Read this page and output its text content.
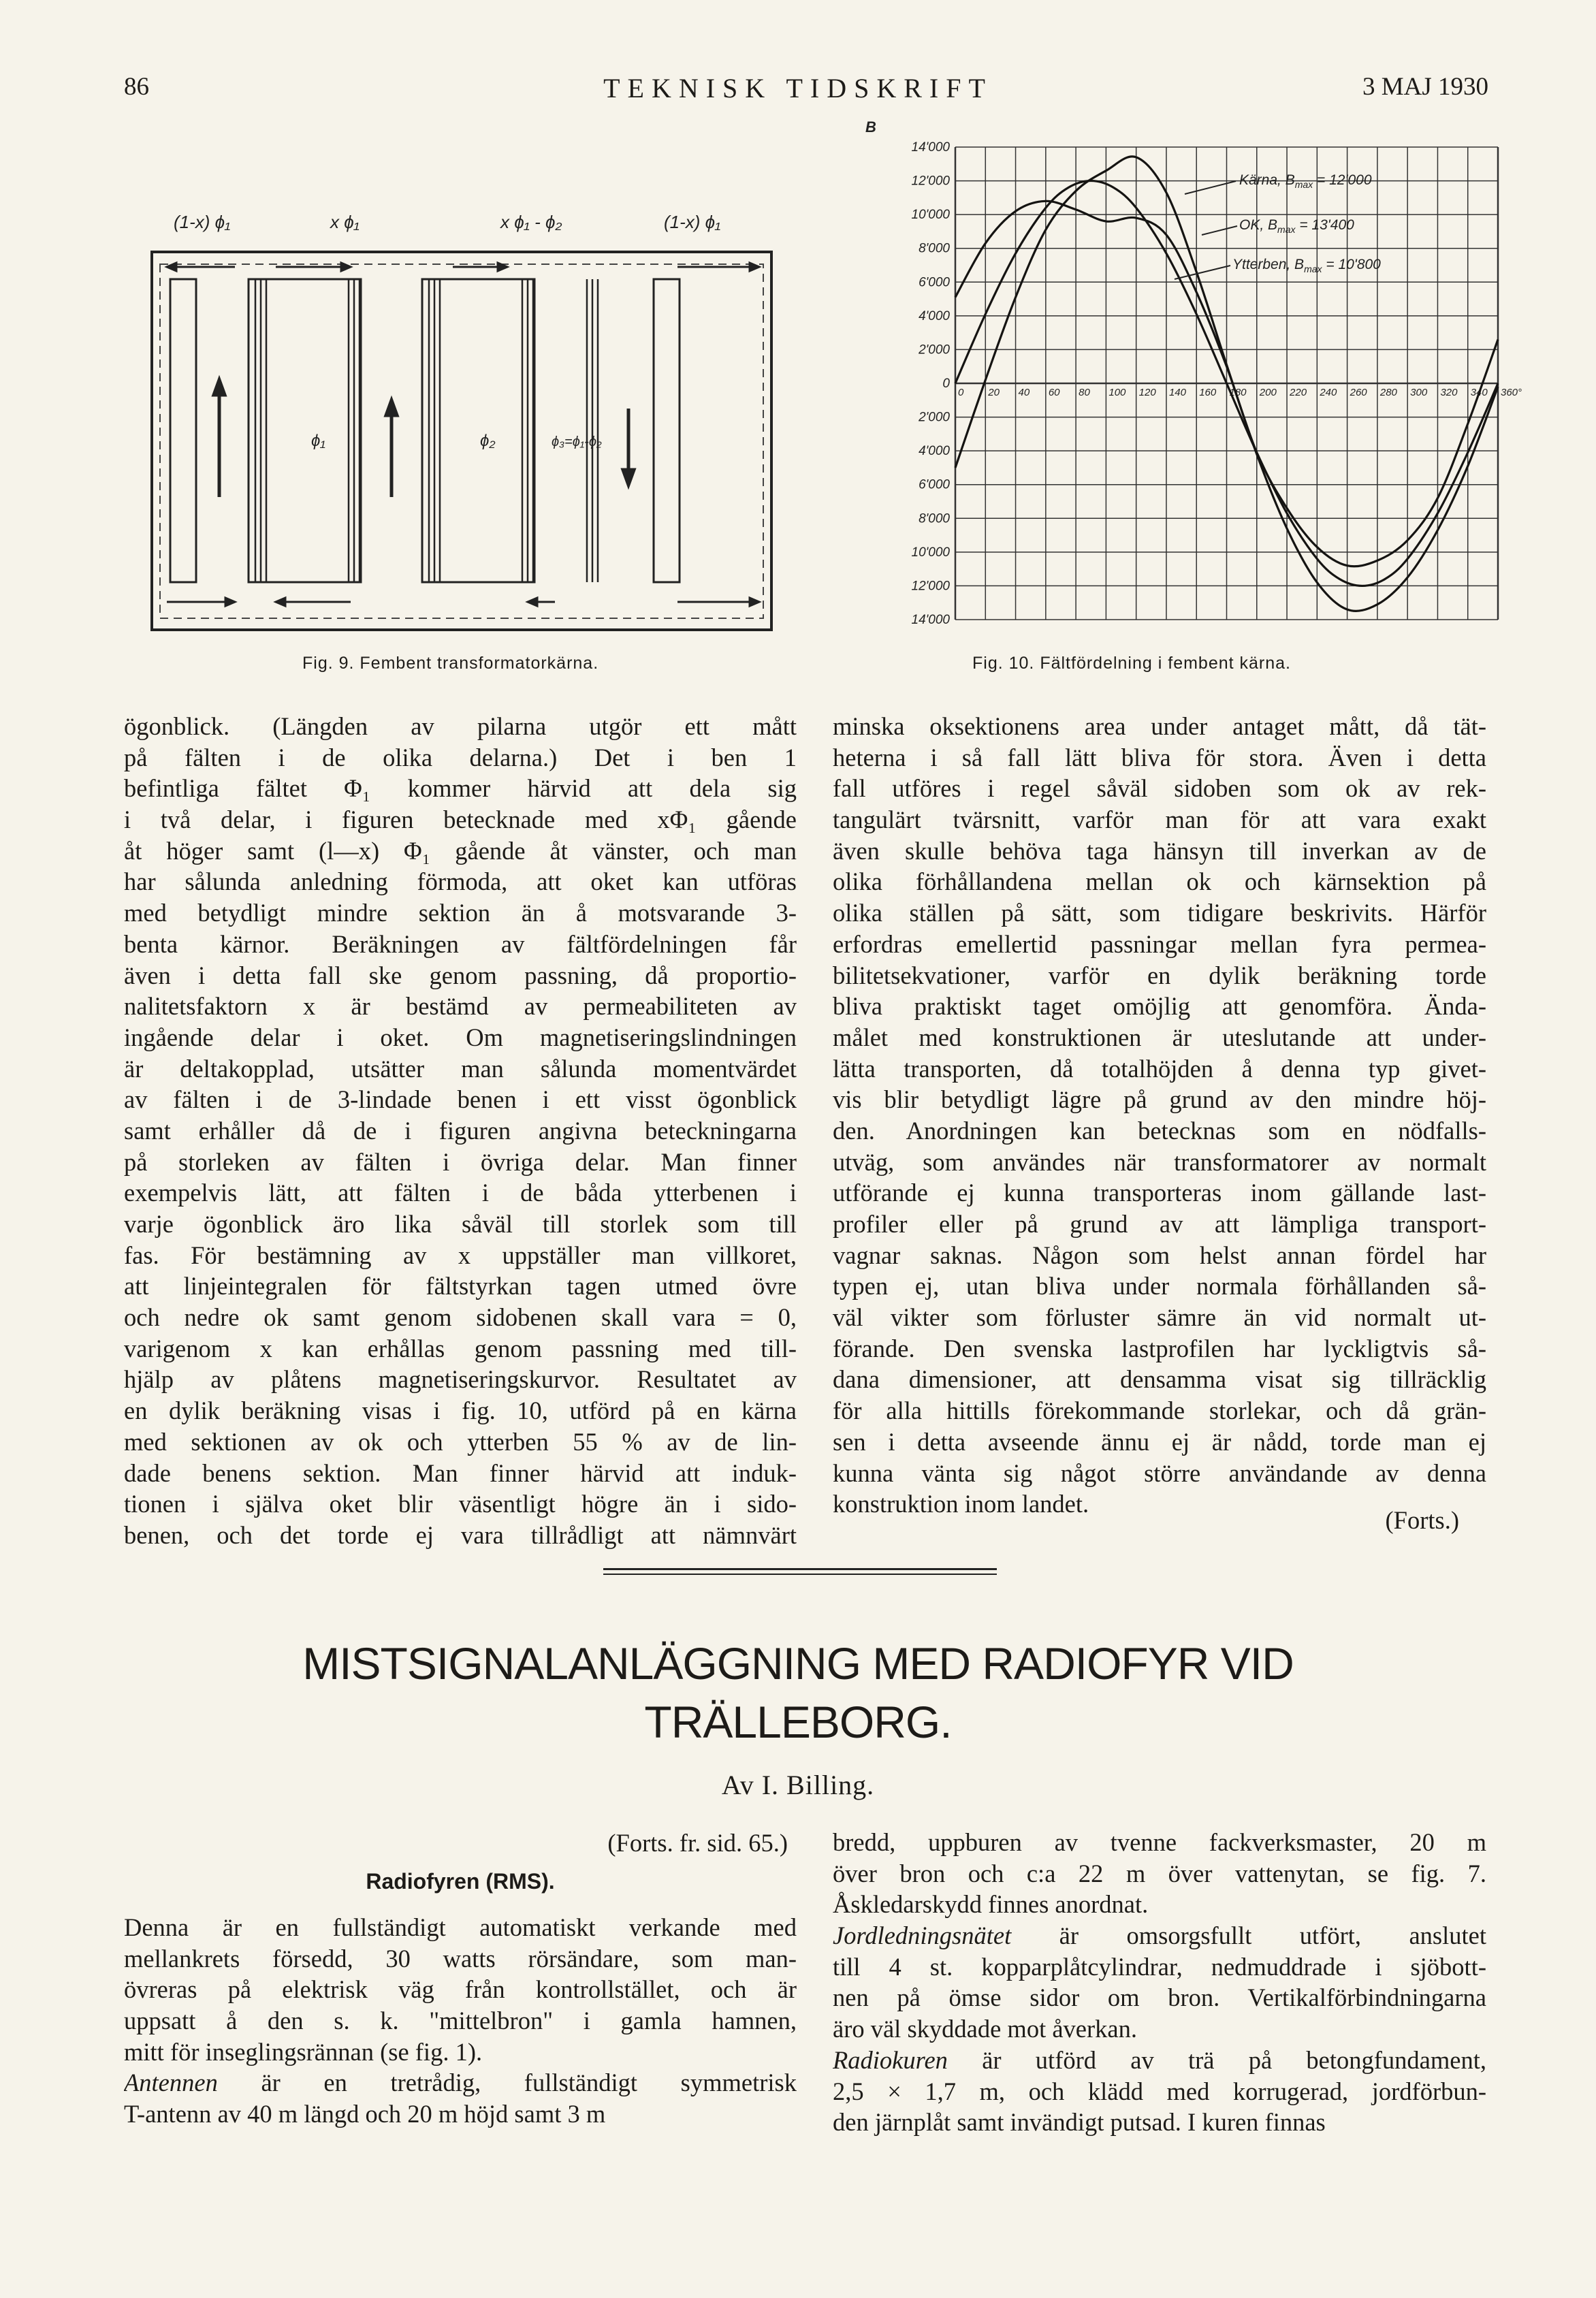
86	TEKNISK TIDSKRIFT	3 MAJ 1930
(1-x) ϕ₁	x ϕ₁	x ϕ₁ - ϕ₂	(1-x) ϕ₁
ϕ₁	ϕ₂	ϕ₃=ϕ₁-ϕ₂
Fig. 9. Fembent transformatorkärna.
14'000
12'000
10'000
8'000
6'000
4'000
2'000
0
2'000
4'000
6'000
8'000
10'000
12'000
14'000
0 20 40 60 80 100 120 140 160 180 200 220 240 260 280 300 320 340 360°
B
Kärna, $B_{max} = 12'000$
OK, $B_{max} = 13'400$
Ytterben, $B_{max} = 10'800$
Fig. 10. Fältfördelning i fembent kärna.
ögonblick. (Längden av pilarna utgör ett mått
på fälten i de olika delarna.) Det i ben 1
befintliga fältet Φ₁ kommer härvid att dela sig
i två delar, i figuren betecknade med xΦ₁ gående
åt höger samt (l—x) Φ₁ gående åt vänster, och man
har sålunda anledning förmoda, att oket kan utföras
med betydligt mindre sektion än å motsvarande 3-
benta kärnor. Beräkningen av fältfördelningen får
även i detta fall ske genom passning, då proportio-
nalitetsfaktorn x är bestämd av permeabiliteten av
ingående delar i oket. Om magnetiseringslindningen
är deltakopplad, utsätter man sålunda momentvärdet
av fälten i de 3-lindade benen i ett visst ögonblick
samt erhåller då de i figuren angivna beteckningarna
på storleken av fälten i övriga delar. Man finner
exempelvis lätt, att fälten i de båda ytterbenen i
varje ögonblick äro lika såväl till storlek som till
fas. För bestämning av x uppställer man villkoret,
att linjeintegralen för fältstyrkan tagen utmed övre
och nedre ok samt genom sidobenen skall vara = 0,
varigenom x kan erhållas genom passning med till-
hjälp av plåtens magnetiseringskurvor. Resultatet av
en dylik beräkning visas i fig. 10, utförd på en kärna
med sektionen av ok och ytterben 55 % av de lin-
dade benens sektion. Man finner härvid att induk-
tionen i själva oket blir väsentligt högre än i sido-
benen, och det torde ej vara tillrådligt att nämnvärt
minska oksektionens area under antaget mått, då tät-
heterna i så fall lätt bliva för stora. Även i detta
fall utföres i regel såväl sidoben som ok av rek-
tangulärt tvärsnitt, varför man för att vara exakt
även skulle behöva taga hänsyn till inverkan av de
olika förhållandena mellan ok och kärnsektion på
olika ställen på sätt, som tidigare beskrivits. Härför
erfordras emellertid passningar mellan fyra permea-
bilitetsekvationer, varför en dylik beräkning torde
bliva praktiskt taget omöjlig att genomföra. Ända-
målet med konstruktionen är uteslutande att under-
lätta transporten, då totalhöjden å denna typ givet-
vis blir betydligt lägre på grund av den mindre höj-
den. Anordningen kan betecknas som en nödfalls-
utväg, som användes när transformatorer av normalt
utförande ej kunna transporteras inom gällande last-
profiler eller på grund av att lämpliga transport-
vagnar saknas. Någon som helst annan fördel har
typen ej, utan bliva under normala förhållanden så-
väl vikter som förluster sämre än vid normalt ut-
förande. Den svenska lastprofilen har lyckligtvis så-
dana dimensioner, att densamma visat sig tillräcklig
för alla hittills förekommande storlekar, och då grän-
sen i detta avseende ännu ej är nådd, torde man ej
kunna vänta sig något större användande av denna
konstruktion inom landet.
(Forts.)
MISTSIGNALANLÄGGNING MED RADIOFYR VID
TRÄLLEBORG.
Av I. Billing.
(Forts. fr. sid. 65.)
Radiofyren (RMS).
Denna är en fullständigt automatiskt verkande med
mellankrets försedd, 30 watts rörsändare, som man-
övreras på elektrisk väg från kontrollstället, och är
uppsatt å den s. k. "mittelbron" i gamla hamnen,
mitt för inseglingsrännan (se fig. 1).
Antennen är en tretrådig, fullständigt symmetrisk
T-antenn av 40 m längd och 20 m höjd samt 3 m
bredd, uppburen av tvenne fackverksmaster, 20 m
över bron och c:a 22 m över vattenytan, se fig. 7.
Åskledarskydd finnes anordnat.
Jordledningsnätet är omsorgsfullt utfört, anslutet
till 4 st. kopparplåtcylindrar, nedmuddrade i sjöbott-
nen på ömse sidor om bron. Vertikalförbindningarna
äro väl skyddade mot åverkan.
Radiokuren är utförd av trä på betongfundament,
2,5 × 1,7 m, och klädd med korrugerad, jordförbun-
den järnplåt samt invändigt putsad. I kuren finnas
